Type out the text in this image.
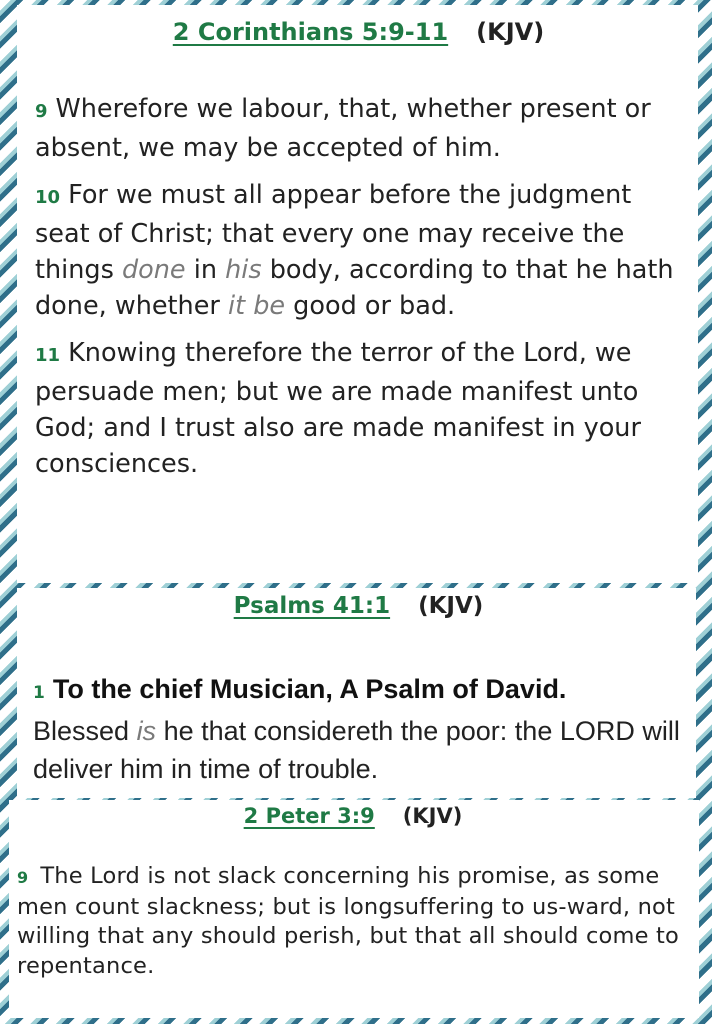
2 Corinthians 5:9-11 (KJV)

9 Wherefore we labour, that, whether present or absent, we may be accepted of him.

10 For we must all appear before the judgment seat of Christ; that every one may receive the things done in his body, according to that he hath done, whether it be good or bad.

11 Knowing therefore the terror of the Lord, we persuade men; but we are made manifest unto God; and I trust also are made manifest in your consciences.

Psalms 41:1 (KJV)

1 To the chief Musician, A Psalm of David.
Blessed is he that considereth the poor: the LORD will deliver him in time of trouble.

2 Peter 3:9 (KJV)

9 The Lord is not slack concerning his promise, as some men count slackness; but is longsuffering to us-ward, not willing that any should perish, but that all should come to repentance.
